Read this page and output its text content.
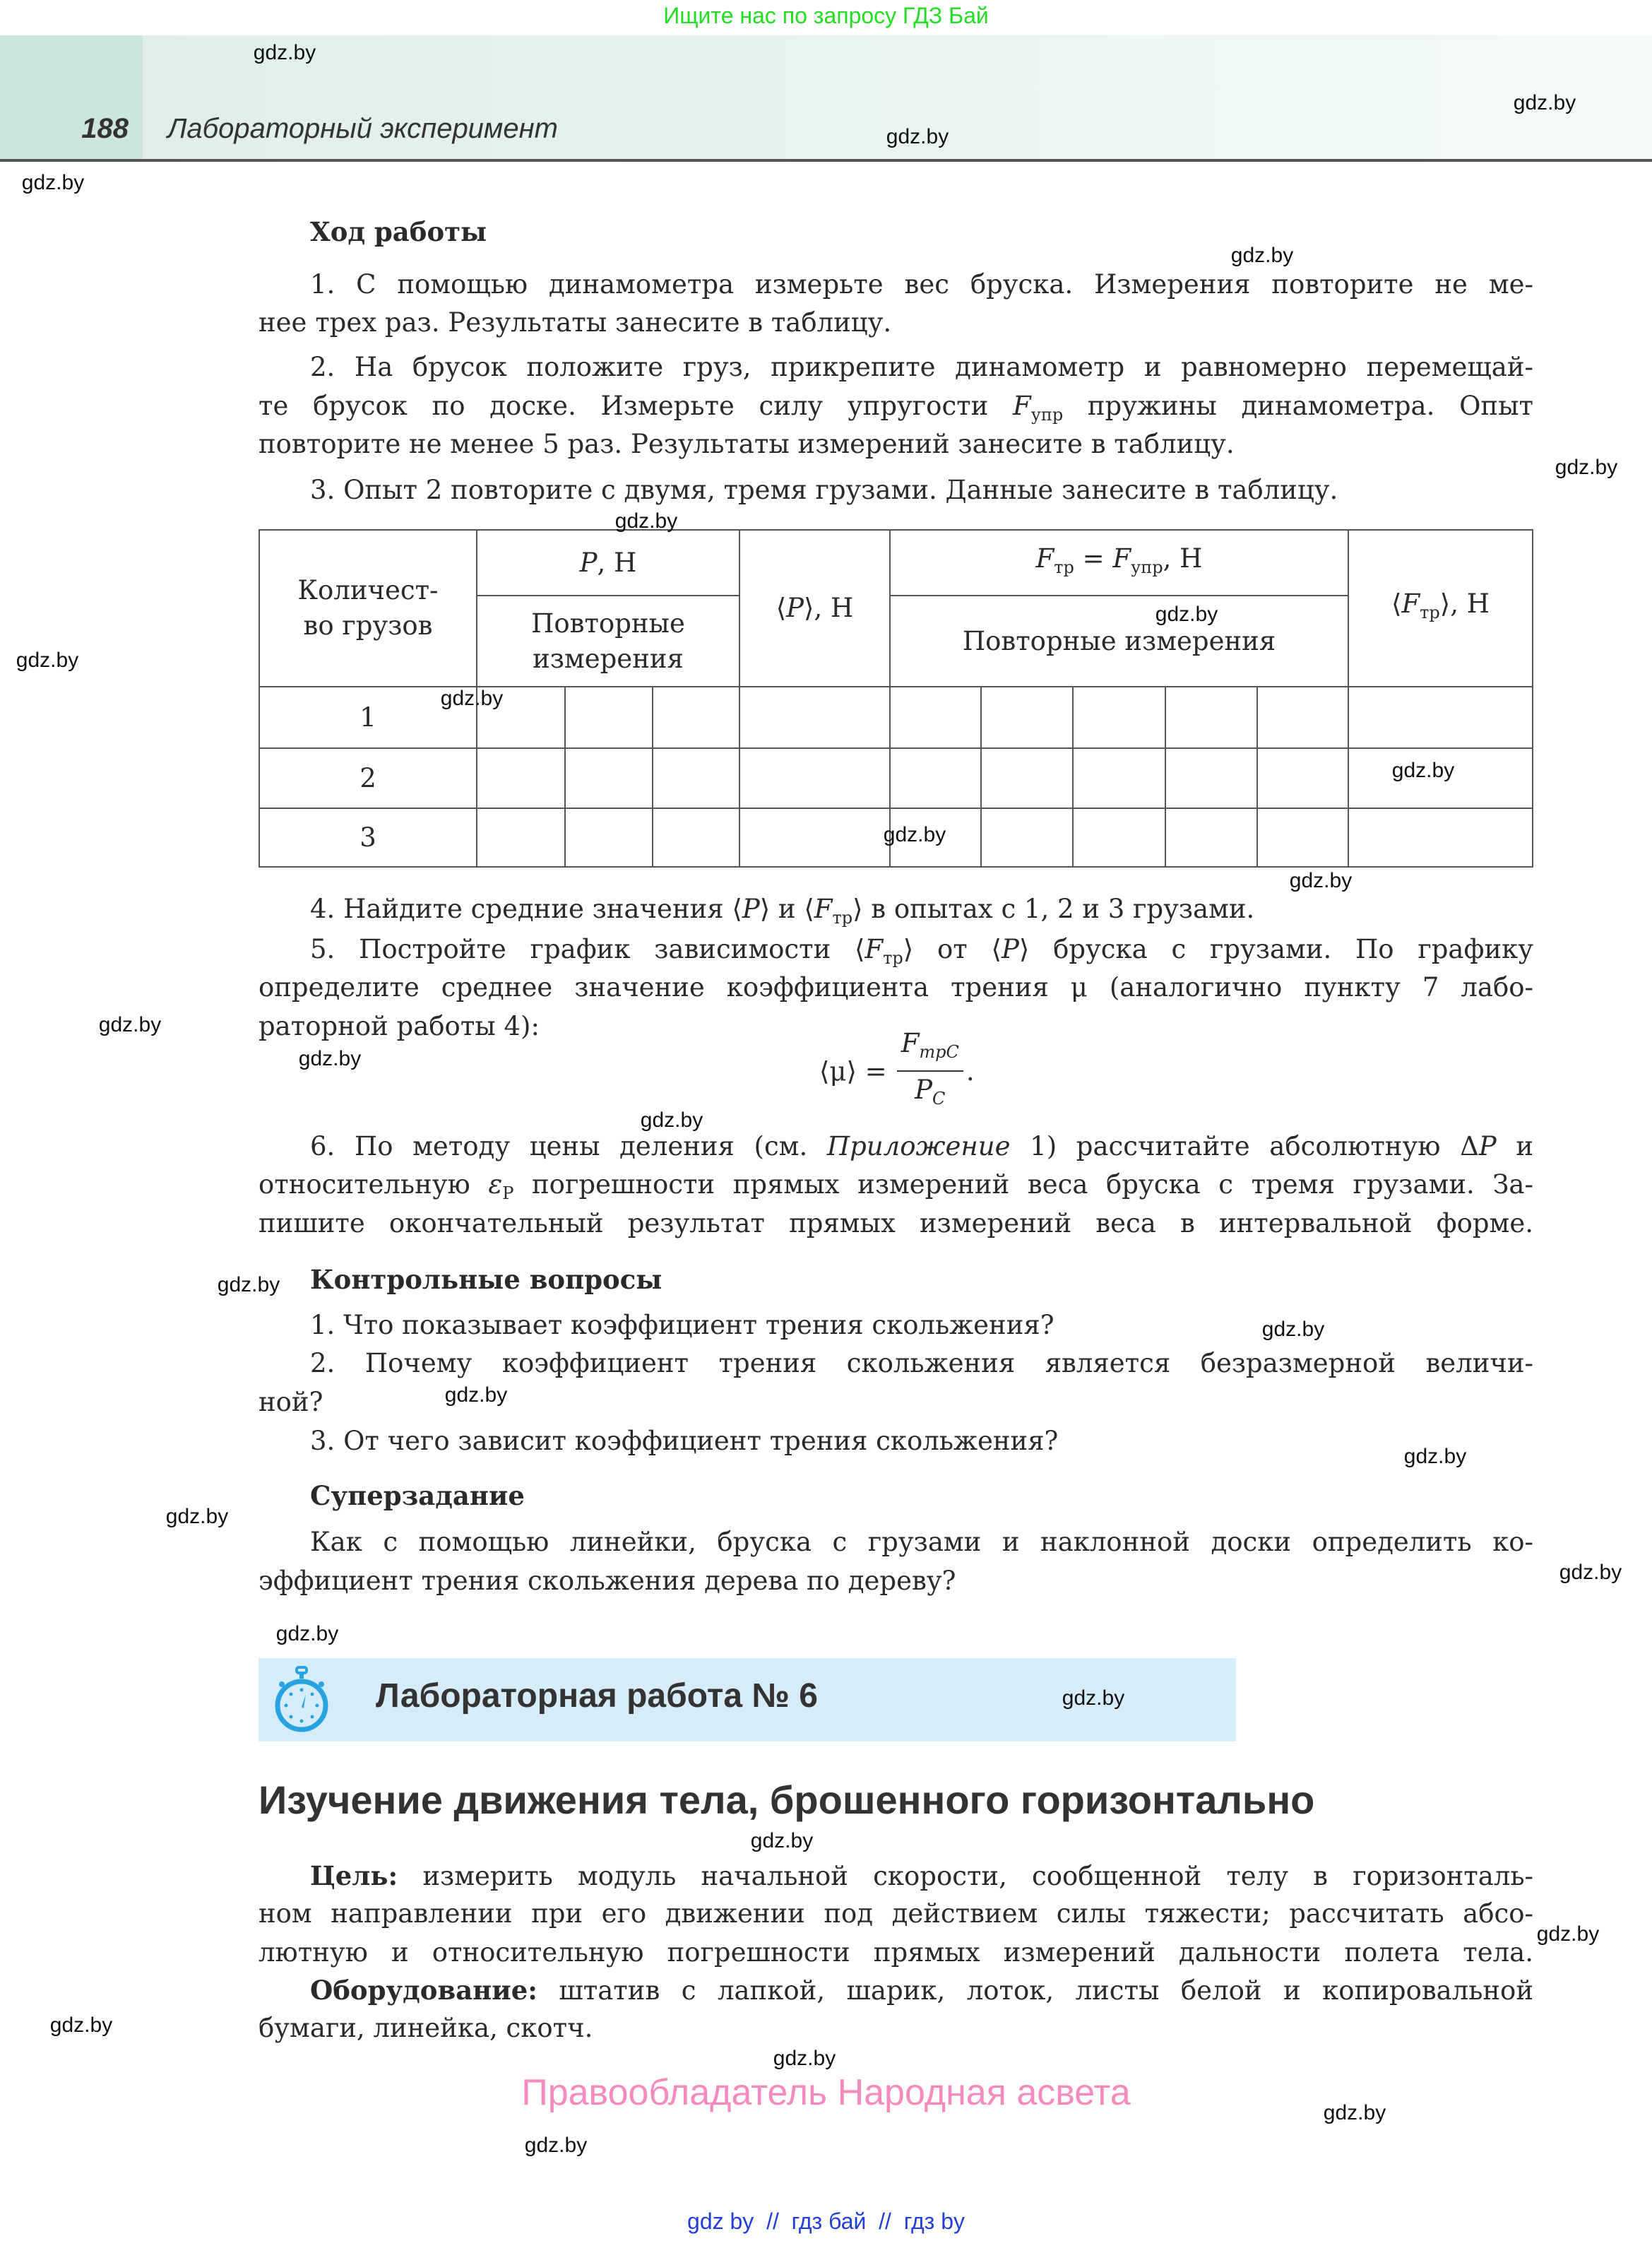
Ищите нас по запросу ГДЗ Бай
188 Лабораторный эксперимент
Ход работы
1. С помощью динамометра измерьте вес бруска. Измерения повторите не ме-
нее трех раз. Результаты занесите в таблицу.
2. На брусок положите груз, прикрепите динамометр и равномерно перемещай-
те брусок по доске. Измерьте силу упругости $F_{упр}$ пружины динамометра. Опыт
повторите не менее 5 раз. Результаты измерений занесите в таблицу.
3. Опыт 2 повторите с двумя, тремя грузами. Данные занесите в таблицу.
4. Найдите средние значения ⟨P⟩ и $⟨F_{тр}⟩$ в опытах с 1, 2 и 3 грузами.
5. Постройте график зависимости $⟨F_{тр}⟩$ от ⟨P⟩ бруска с грузами. По графику
определите среднее значение коэффициента трения μ (аналогично пункту 7 лабо-
раторной работы 4):
6. По методу цены деления (см. Приложение 1) рассчитайте абсолютную ΔP и
относительную $\varepsilon_P$ погрешности прямых измерений веса бруска с тремя грузами. За-
пишите окончательный результат прямых измерений веса в интервальной форме.
Контрольные вопросы
1. Что показывает коэффициент трения скольжения?
2. Почему коэффициент трения скольжения является безразмерной величи-
ной?
3. От чего зависит коэффициент трения скольжения?
Суперзадание
Как с помощью линейки, бруска с грузами и наклонной доски определить ко-
эффициент трения скольжения дерева по дереву?
Цель: измерить модуль начальной скорости, сообщенной телу в горизонталь-
ном направлении при его движении под действием силы тяжести; рассчитать абсо-
лютную и относительную погрешности прямых измерений дальности полета тела.
Оборудование: штатив с лапкой, шарик, лоток, листы белой и копировальной
бумаги, линейка, скотч.
Количест-
во грузов	P, Н			⟨P⟩, Н	$F_{тр} = F_{упр}$, Н					$⟨F_{тр}⟩$, Н
	Повторные
измерения				Повторные измерения					
1										
2										
3										
⟨μ⟩ = $\frac{F_{трC}}{P_C}$ .
Лабораторная работа № 6
Изучение движения тела, брошенного горизонтально
Правообладатель Народная асвета
gdz by  //  гдз бай  //  гдз by
gdz.by
gdz.by
gdz.by
gdz.by
gdz.by
gdz.by
gdz.by
gdz.by
gdz.by
gdz.by
gdz.by
gdz.by
gdz.by
gdz.by
gdz.by
gdz.by
gdz.by
gdz.by
gdz.by
gdz.by
gdz.by
gdz.by
gdz.by
gdz.by
gdz.by
gdz.by
gdz.by
gdz.by
gdz.by
gdz.by
